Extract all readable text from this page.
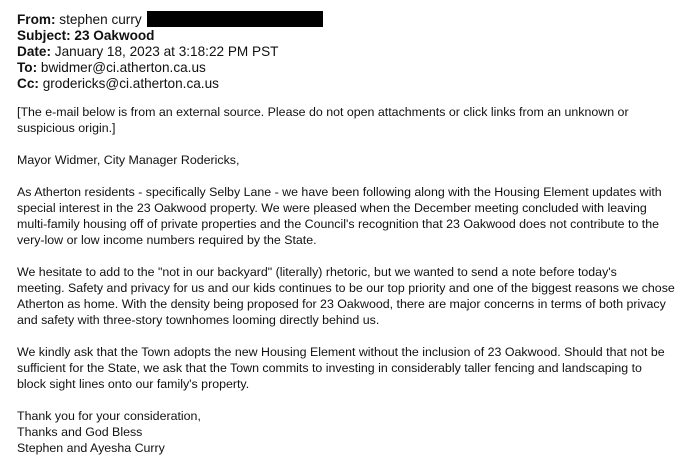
From: stephen curry
Subject: 23 Oakwood
Date: January 18, 2023 at 3:18:22 PM PST
To: bwidmer@ci.atherton.ca.us
Cc: grodericks@ci.atherton.ca.us
[The e-mail below is from an external source. Please do not open attachments or click links from an unknown or
suspicious origin.]
Mayor Widmer, City Manager Rodericks,
As Atherton residents - specifically Selby Lane - we have been following along with the Housing Element updates with
special interest in the 23 Oakwood property. We were pleased when the December meeting concluded with leaving
multi-family housing off of private properties and the Council's recognition that 23 Oakwood does not contribute to the
very-low or low income numbers required by the State.
We hesitate to add to the "not in our backyard" (literally) rhetoric, but we wanted to send a note before today's
meeting. Safety and privacy for us and our kids continues to be our top priority and one of the biggest reasons we chose
Atherton as home. With the density being proposed for 23 Oakwood, there are major concerns in terms of both privacy
and safety with three-story townhomes looming directly behind us.
We kindly ask that the Town adopts the new Housing Element without the inclusion of 23 Oakwood. Should that not be
sufficient for the State, we ask that the Town commits to investing in considerably taller fencing and landscaping to
block sight lines onto our family's property.
Thank you for your consideration,
Thanks and God Bless
Stephen and Ayesha Curry
